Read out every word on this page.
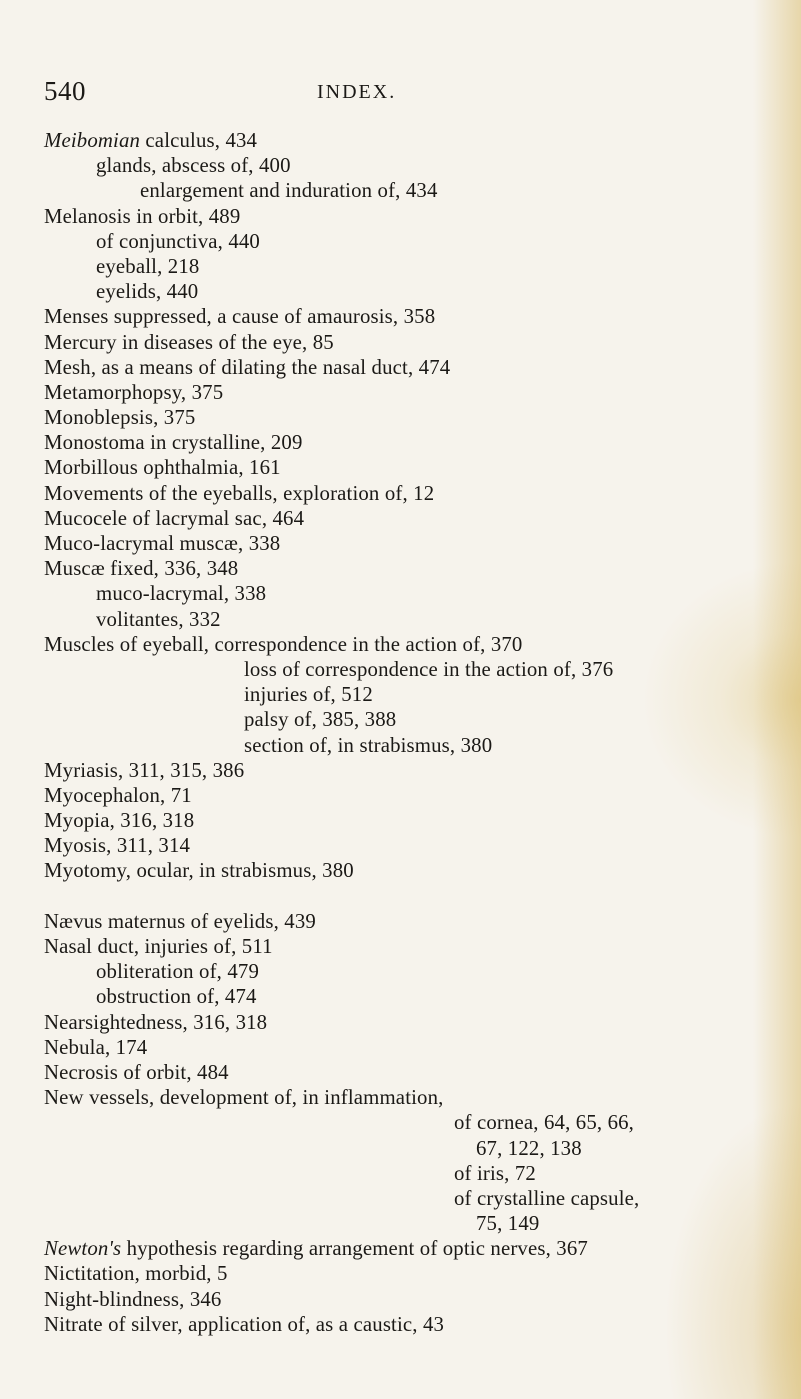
540	INDEX.
Meibomian calculus, 434
glands, abscess of, 400
enlargement and induration of, 434
Melanosis in orbit, 489
of conjunctiva, 440
eyeball, 218
eyelids, 440
Menses suppressed, a cause of amaurosis, 358
Mercury in diseases of the eye, 85
Mesh, as a means of dilating the nasal duct, 474
Metamorphopsy, 375
Monoblepsis, 375
Monostoma in crystalline, 209
Morbillous ophthalmia, 161
Movements of the eyeballs, exploration of, 12
Mucocele of lacrymal sac, 464
Muco-lacrymal muscæ, 338
Muscæ fixed, 336, 348
muco-lacrymal, 338
volitantes, 332
Muscles of eyeball, correspondence in the action of, 370
loss of correspondence in the action of, 376
injuries of, 512
palsy of, 385, 388
section of, in strabismus, 380
Myriasis, 311, 315, 386
Myocephalon, 71
Myopia, 316, 318
Myosis, 311, 314
Myotomy, ocular, in strabismus, 380
Nævus maternus of eyelids, 439
Nasal duct, injuries of, 511
obliteration of, 479
obstruction of, 474
Nearsightedness, 316, 318
Nebula, 174
Necrosis of orbit, 484
New vessels, development of, in inflammation,
of cornea, 64, 65, 66,
67, 122, 138
of iris, 72
of crystalline capsule,
75, 149
Newton's hypothesis regarding arrangement of optic nerves, 367
Nictitation, morbid, 5
Night-blindness, 346
Nitrate of silver, application of, as a caustic, 43
